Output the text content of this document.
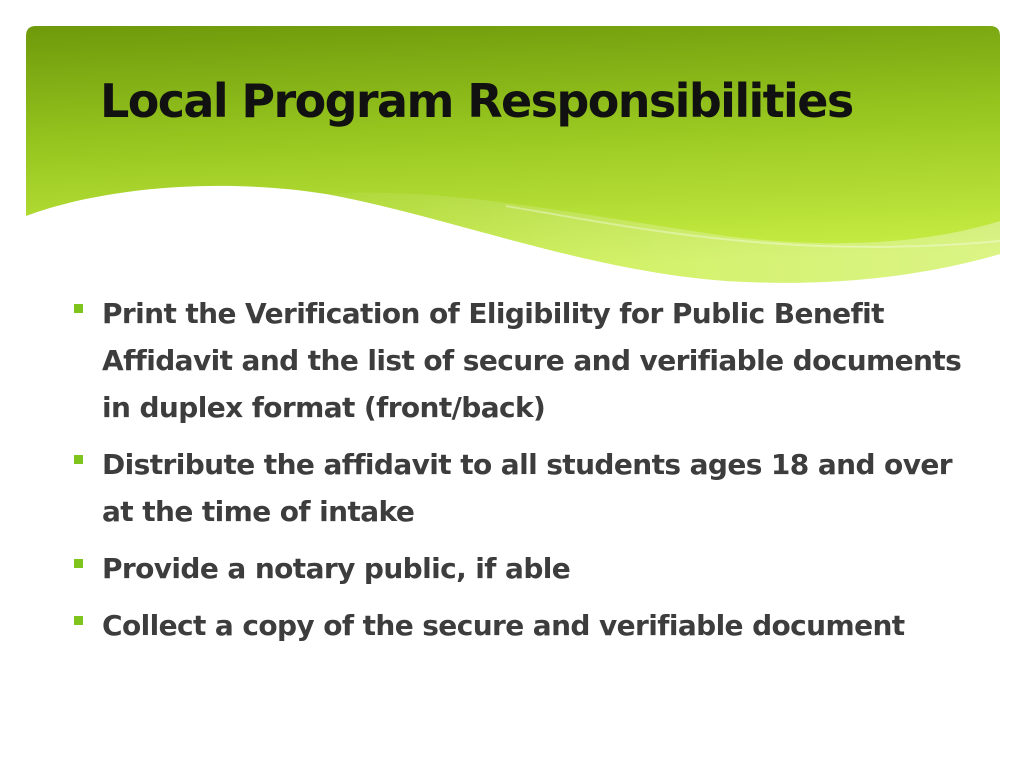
Local Program Responsibilities
Print the Verification of Eligibility for Public Benefit Affidavit and the list of secure and verifiable documents in duplex format (front/back)
Distribute the affidavit to all students ages 18 and over at the time of intake
Provide a notary public, if able
Collect a copy of the secure and verifiable document
